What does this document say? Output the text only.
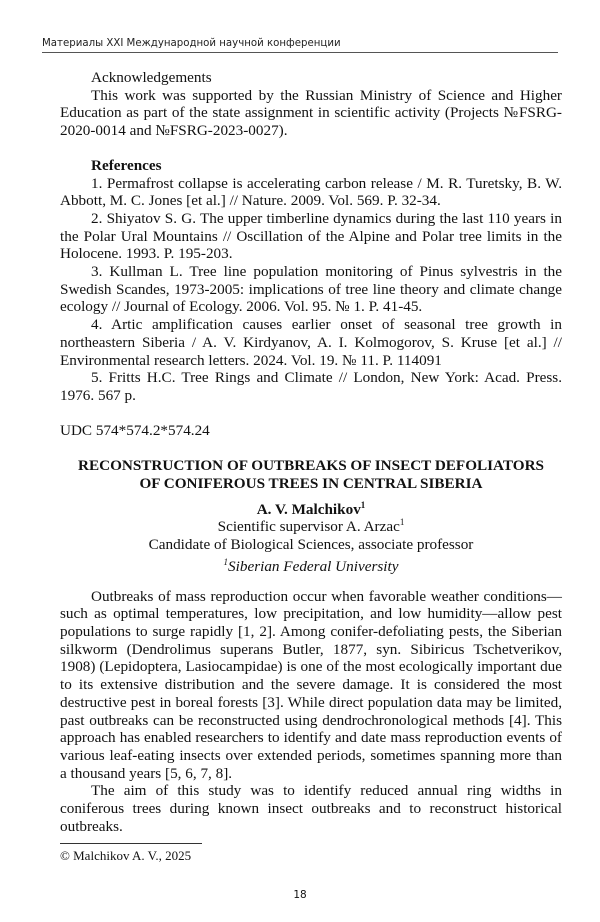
Материалы XXI Международной научной конференции

Acknowledgements

This work was supported by the Russian Ministry of Science and Higher Education as part of the state assignment in scientific activity (Projects №FSRG-2020-0014 and №FSRG-2023-0027).

References

1. Permafrost collapse is accelerating carbon release / M. R. Turetsky, B. W. Abbott, M. C. Jones [et al.] // Nature. 2009. Vol. 569. P. 32-34.

2. Shiyatov S. G. The upper timberline dynamics during the last 110 years in the Polar Ural Mountains // Oscillation of the Alpine and Polar tree limits in the Holocene. 1993. P. 195-203.

3. Kullman L. Tree line population monitoring of Pinus sylvestris in the Swedish Scandes, 1973-2005: implications of tree line theory and climate change ecology // Journal of Ecology. 2006. Vol. 95. № 1. P. 41-45.

4. Artic amplification causes earlier onset of seasonal tree growth in northeastern Siberia / A. V. Kirdyanov, A. I. Kolmogorov, S. Kruse [et al.] // Environmental research letters. 2024. Vol. 19. № 11. P. 114091

5. Fritts H.C. Tree Rings and Climate // London, New York: Acad. Press. 1976. 567 p.

UDC 574*574.2*574.24

RECONSTRUCTION OF OUTBREAKS OF INSECT DEFOLIATORS

OF CONIFEROUS TREES IN CENTRAL SIBERIA

A. V. Malchikov$^1$

Scientific supervisor A. Arzac$^1$

Candidate of Biological Sciences, associate professor

$^1$Siberian Federal University

Outbreaks of mass reproduction occur when favorable weather conditions—such as optimal temperatures, low precipitation, and low humidity—allow pest populations to surge rapidly [1, 2]. Among conifer-defoliating pests, the Siberian silkworm (Dendrolimus superans Butler, 1877, syn. Sibiricus Tschetverikov, 1908) (Lepidoptera, Lasiocampidae) is one of the most ecologically important due to its extensive distribution and the severe damage. It is considered the most destructive pest in boreal forests [3]. While direct population data may be limited, past outbreaks can be reconstructed using dendrochronological methods [4]. This approach has enabled researchers to identify and date mass reproduction events of various leaf-eating insects over extended periods, sometimes spanning more than a thousand years [5, 6, 7, 8].

The aim of this study was to identify reduced annual ring widths in coniferous trees during known insect outbreaks and to reconstruct historical outbreaks.

© Malchikov A. V., 2025

18
